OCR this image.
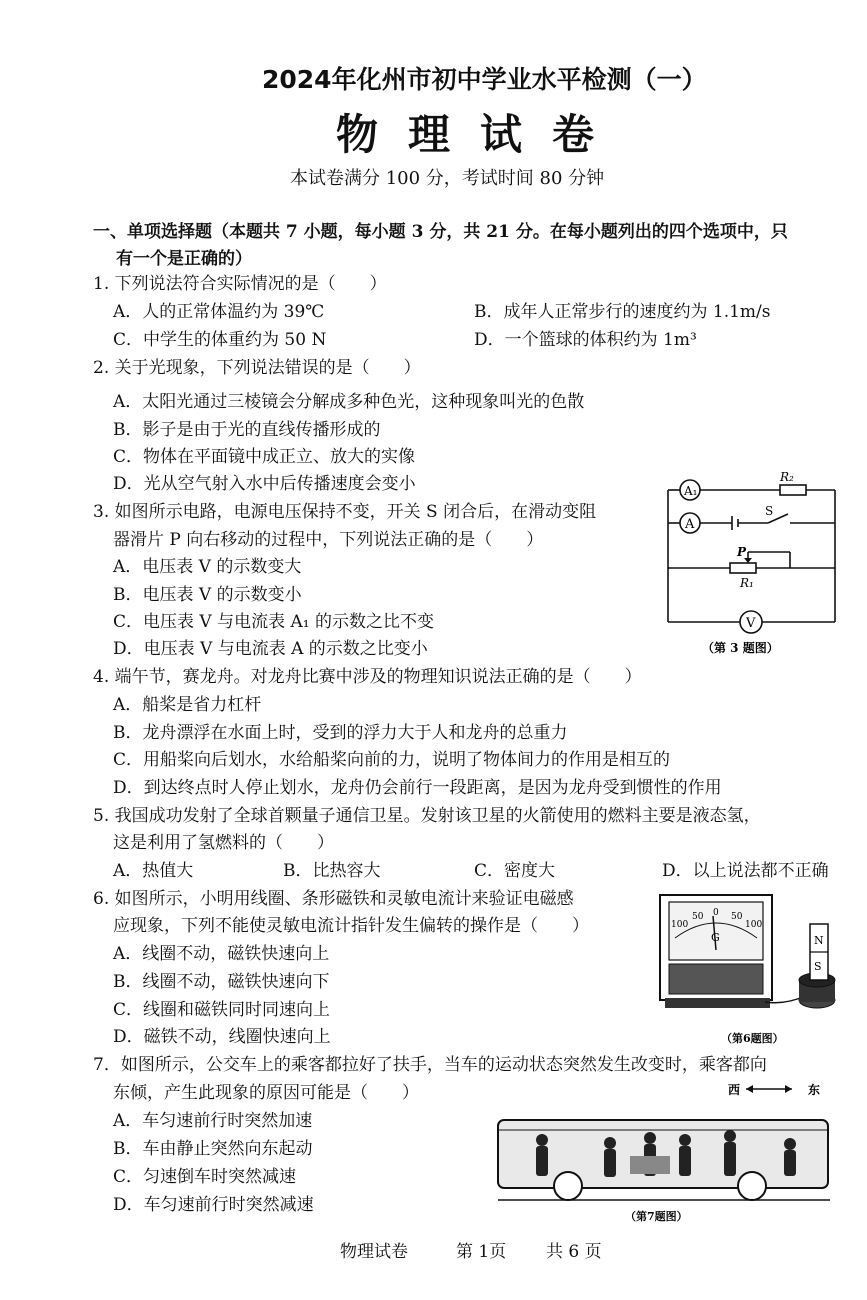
2024年化州市初中学业水平检测（一）
物理试卷
本试卷满分 100 分，考试时间 80 分钟
一、单项选择题（本题共 7 小题，每小题 3 分，共 21 分。在每小题列出的四个选项中，只
有一个是正确的）
1. 下列说法符合实际情况的是（　　）
A．人的正常体温约为 39℃	B．成年人正常步行的速度约为 1.1m/s
C．中学生的体重约为 50 N	D．一个篮球的体积约为 1m³
2. 关于光现象，下列说法错误的是（　　）
A．太阳光通过三棱镜会分解成多种色光，这种现象叫光的色散
B．影子是由于光的直线传播形成的
C．物体在平面镜中成正立、放大的实像
D．光从空气射入水中后传播速度会变小
3. 如图所示电路，电源电压保持不变，开关 S 闭合后，在滑动变阻
器滑片 P 向右移动的过程中，下列说法正确的是（　　）
A．电压表 V 的示数变大
B．电压表 V 的示数变小
C．电压表 V 与电流表 A₁ 的示数之比不变
D．电压表 V 与电流表 A 的示数之比变小
A₁
A
R₂
S
P
R₁
V
（第 3 题图）
4. 端午节，赛龙舟。对龙舟比赛中涉及的物理知识说法正确的是（　　）
A．船桨是省力杠杆
B．龙舟漂浮在水面上时，受到的浮力大于人和龙舟的总重力
C．用船桨向后划水，水给船桨向前的力，说明了物体间力的作用是相互的
D．到达终点时人停止划水，龙舟仍会前行一段距离，是因为龙舟受到惯性的作用
5. 我国成功发射了全球首颗量子通信卫星。发射该卫星的火箭使用的燃料主要是液态氢，
这是利用了氢燃料的（　　）
A．热值大	B．比热容大	C．密度大	D．以上说法都不正确
6. 如图所示，小明用线圈、条形磁铁和灵敏电流计来验证电磁感
应现象，下列不能使灵敏电流计指针发生偏转的操作是（　　）
A．线圈不动，磁铁快速向上
B．线圈不动，磁铁快速向下
C．线圈和磁铁同时同速向上
D．磁铁不动，线圈快速向上
100
50 0 50
100
G	N
S
（第6题图）
7．如图所示，公交车上的乘客都拉好了扶手，当车的运动状态突然发生改变时，乘客都向
东倾，产生此现象的原因可能是（　　）
A．车匀速前行时突然加速
B．车由静止突然向东起动
C．匀速倒车时突然减速
D．车匀速前行时突然减速
西	东
（第7题图）
物理试卷	第 1页 共 6 页
